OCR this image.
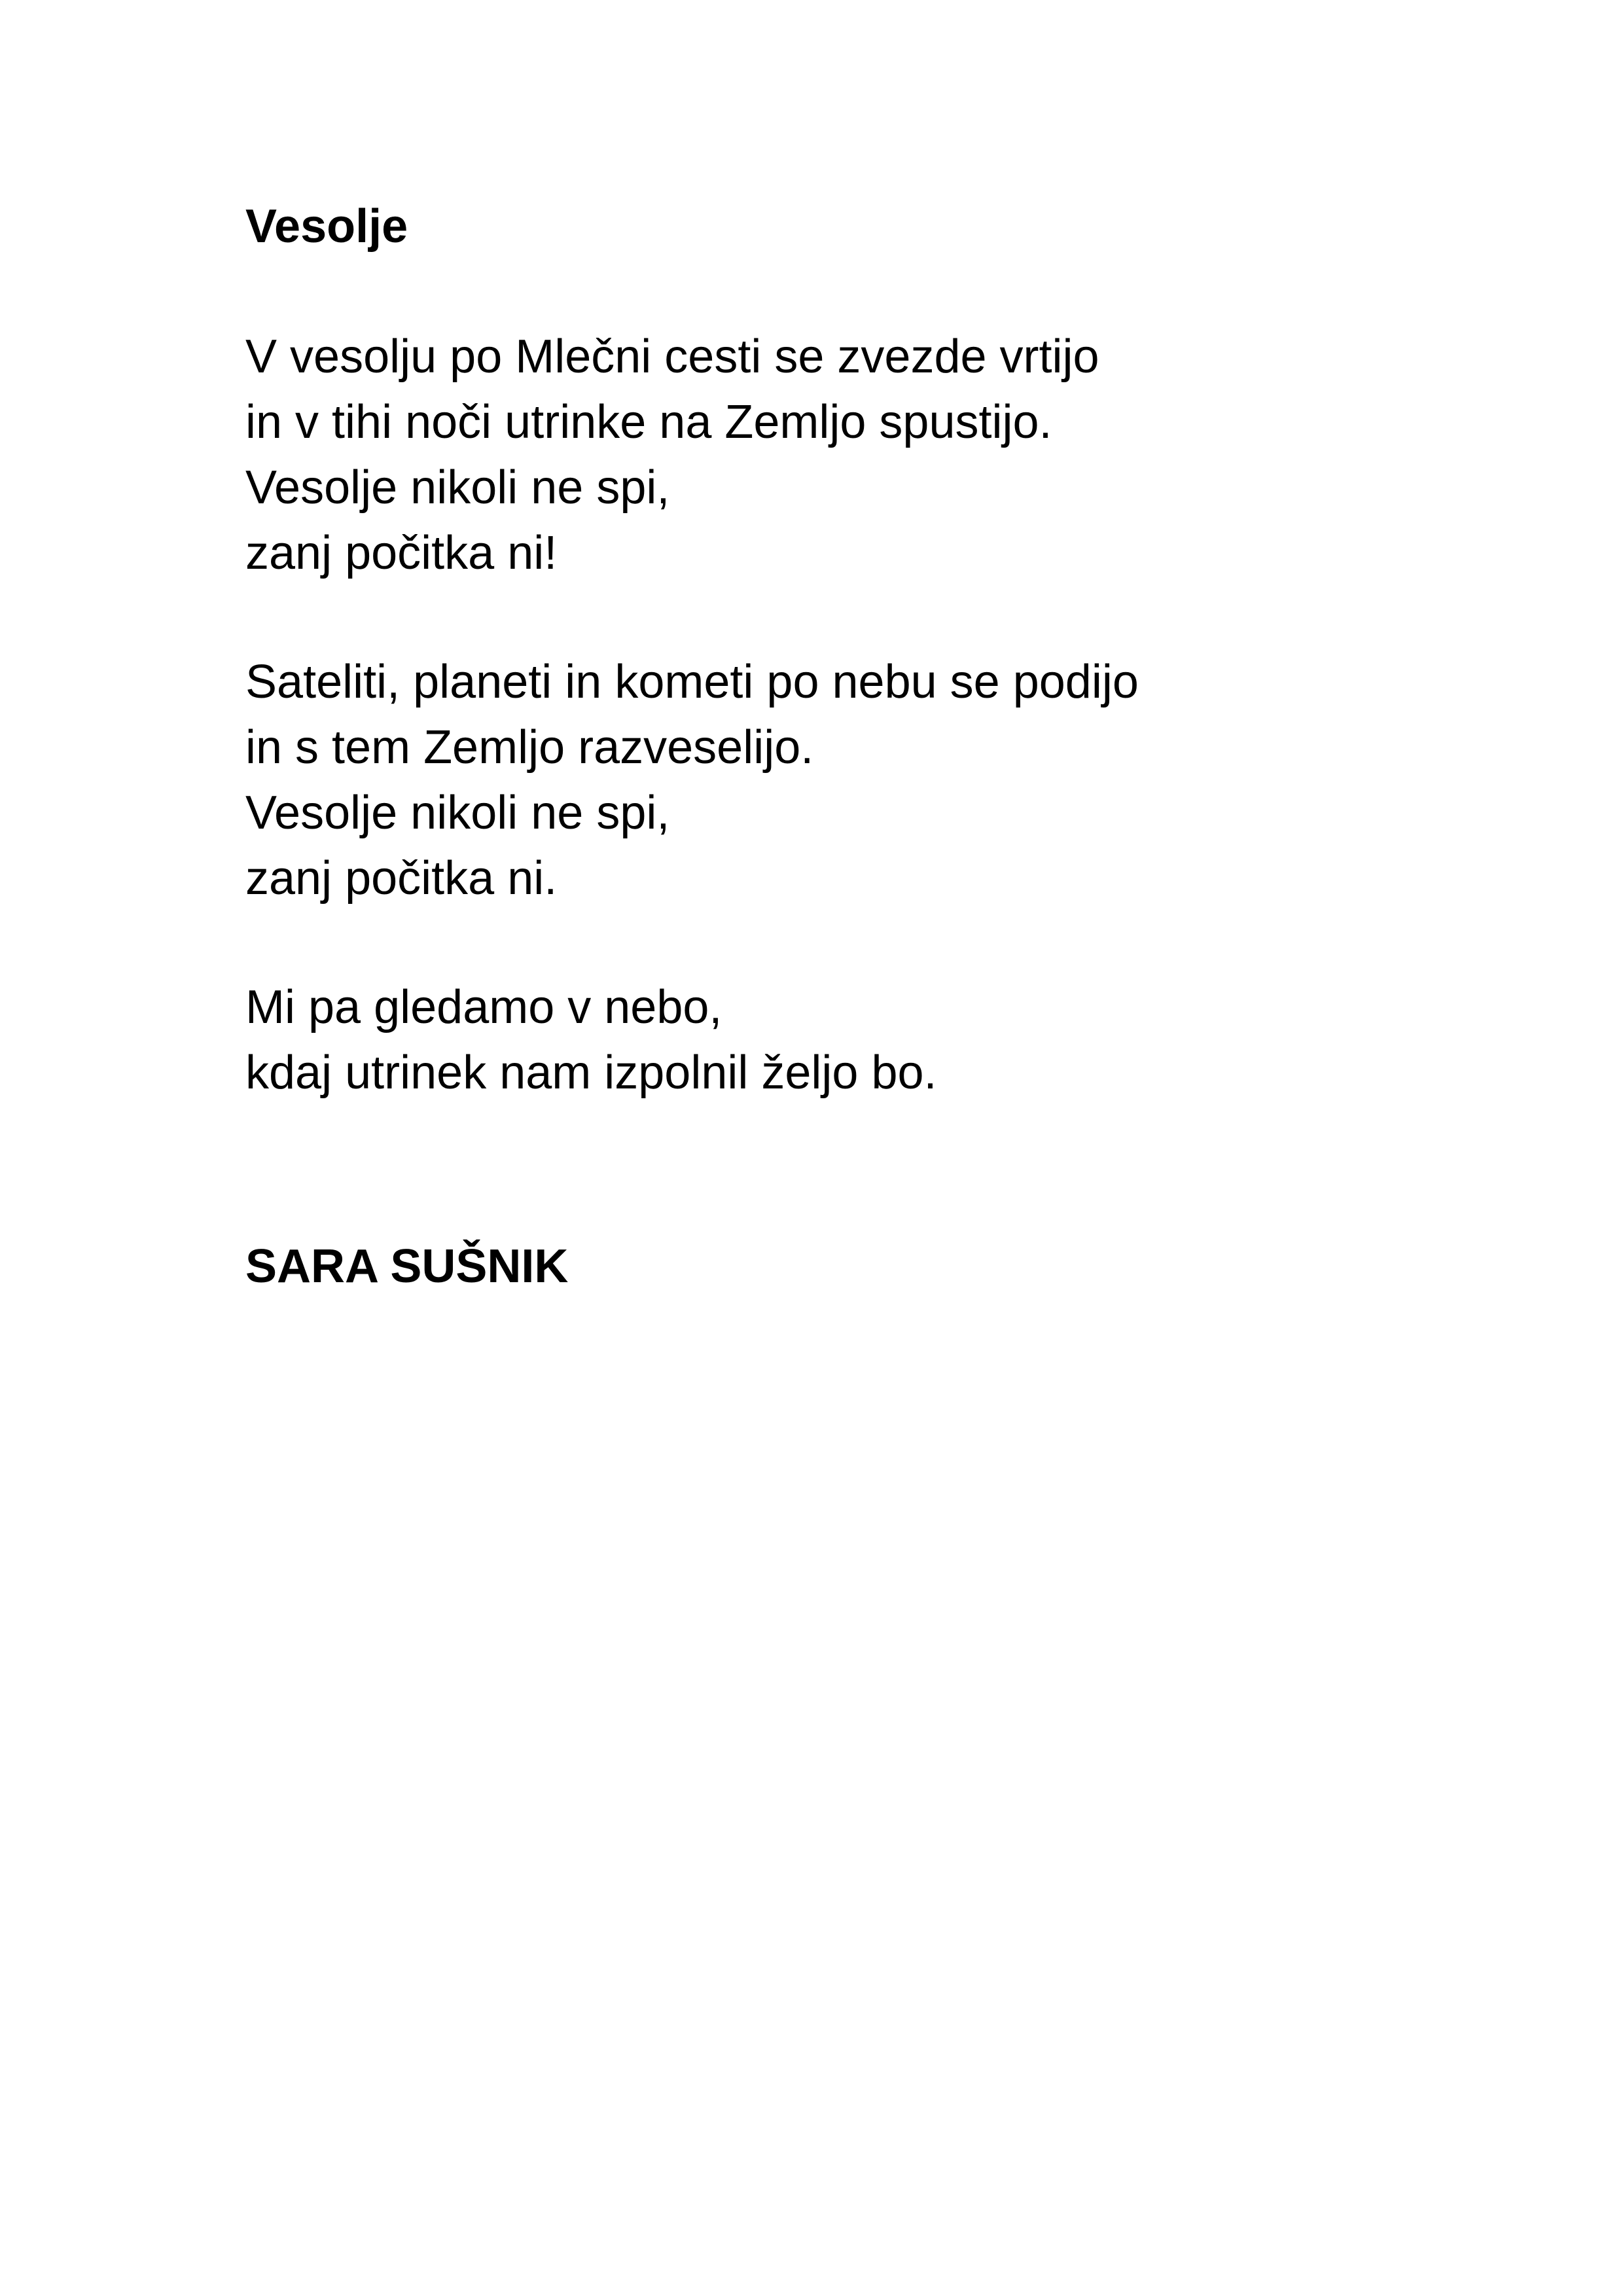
Vesolje

V vesolju po Mlečni cesti se zvezde vrtijo
in v tihi noči utrinke na Zemljo spustijo.
Vesolje nikoli ne spi,
zanj počitka ni!

Sateliti, planeti in kometi po nebu se podijo
in s tem Zemljo razveselijo.
Vesolje nikoli ne spi,
zanj počitka ni.

Mi pa gledamo v nebo,
kdaj utrinek nam izpolnil željo bo.

SARA SUŠNIK
